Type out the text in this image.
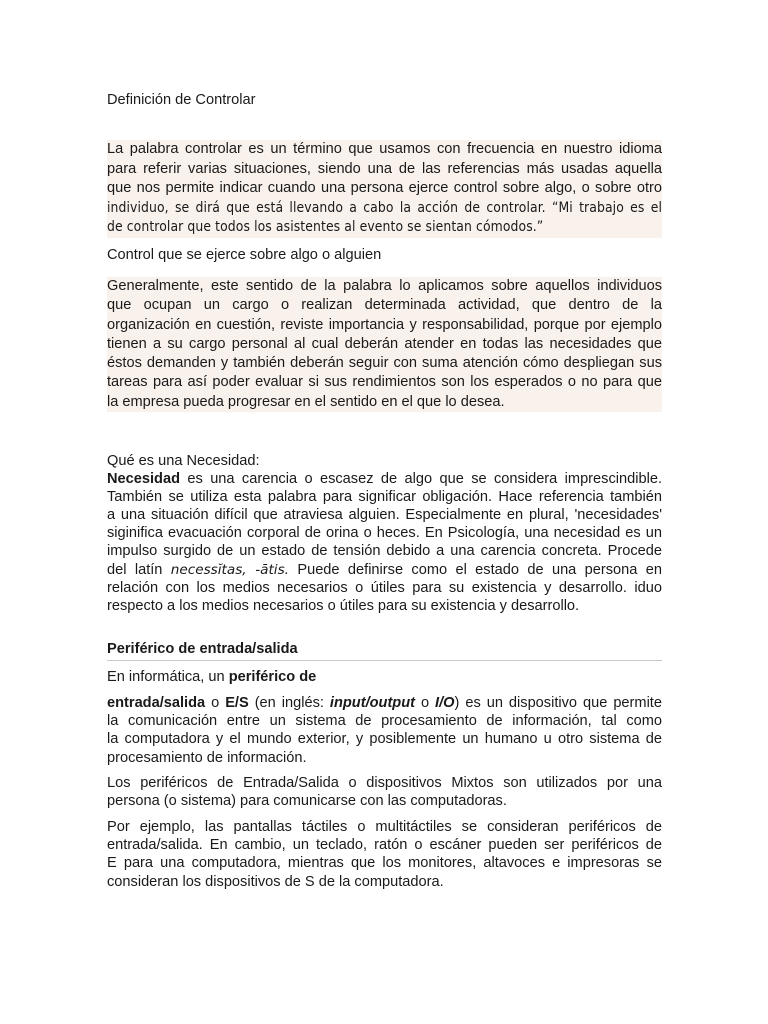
Definición de Controlar
La palabra controlar es un término que usamos con frecuencia en nuestro idioma
para referir varias situaciones, siendo una de las referencias más usadas aquella
que nos permite indicar cuando una persona ejerce control sobre algo, o sobre otro
individuo, se dirá que está llevando a cabo la acción de controlar. “Mi trabajo es el
de controlar que todos los asistentes al evento se sientan cómodos.”
Control que se ejerce sobre algo o alguien
Generalmente, este sentido de la palabra lo aplicamos sobre aquellos individuos
que ocupan un cargo o realizan determinada actividad, que dentro de la
organización en cuestión, reviste importancia y responsabilidad, porque por ejemplo
tienen a su cargo personal al cual deberán atender en todas las necesidades que
éstos demanden y también deberán seguir con suma atención cómo despliegan sus
tareas para así poder evaluar si sus rendimientos son los esperados o no para que
la empresa pueda progresar en el sentido en el que lo desea.
Qué es una Necesidad:
Necesidad es una carencia o escasez de algo que se considera imprescindible.
También se utiliza esta palabra para significar obligación. Hace referencia también
a una situación difícil que atraviesa alguien. Especialmente en plural, 'necesidades'
siginifica evacuación corporal de orina o heces. En Psicología, una necesidad es un
impulso surgido de un estado de tensión debido a una carencia concreta. Procede
del latín necessĭtas, -ātis. Puede definirse como el estado de una persona en
relación con los medios necesarios o útiles para su existencia y desarrollo. iduo
respecto a los medios necesarios o útiles para su existencia y desarrollo.
Periférico de entrada/salida
En informática, un periférico de
entrada/salida o E/S (en inglés: input/output o I/O) es un dispositivo que permite
la comunicación entre un sistema de procesamiento de información, tal como
la computadora y el mundo exterior, y posiblemente un humano u otro sistema de
procesamiento de información.
Los periféricos de Entrada/Salida o dispositivos Mixtos son utilizados por una
persona (o sistema) para comunicarse con las computadoras.
Por ejemplo, las pantallas táctiles o multitáctiles se consideran periféricos de
entrada/salida. En cambio, un teclado, ratón o escáner pueden ser periféricos de
E para una computadora, mientras que los monitores, altavoces e impresoras se
consideran los dispositivos de S de la computadora.
